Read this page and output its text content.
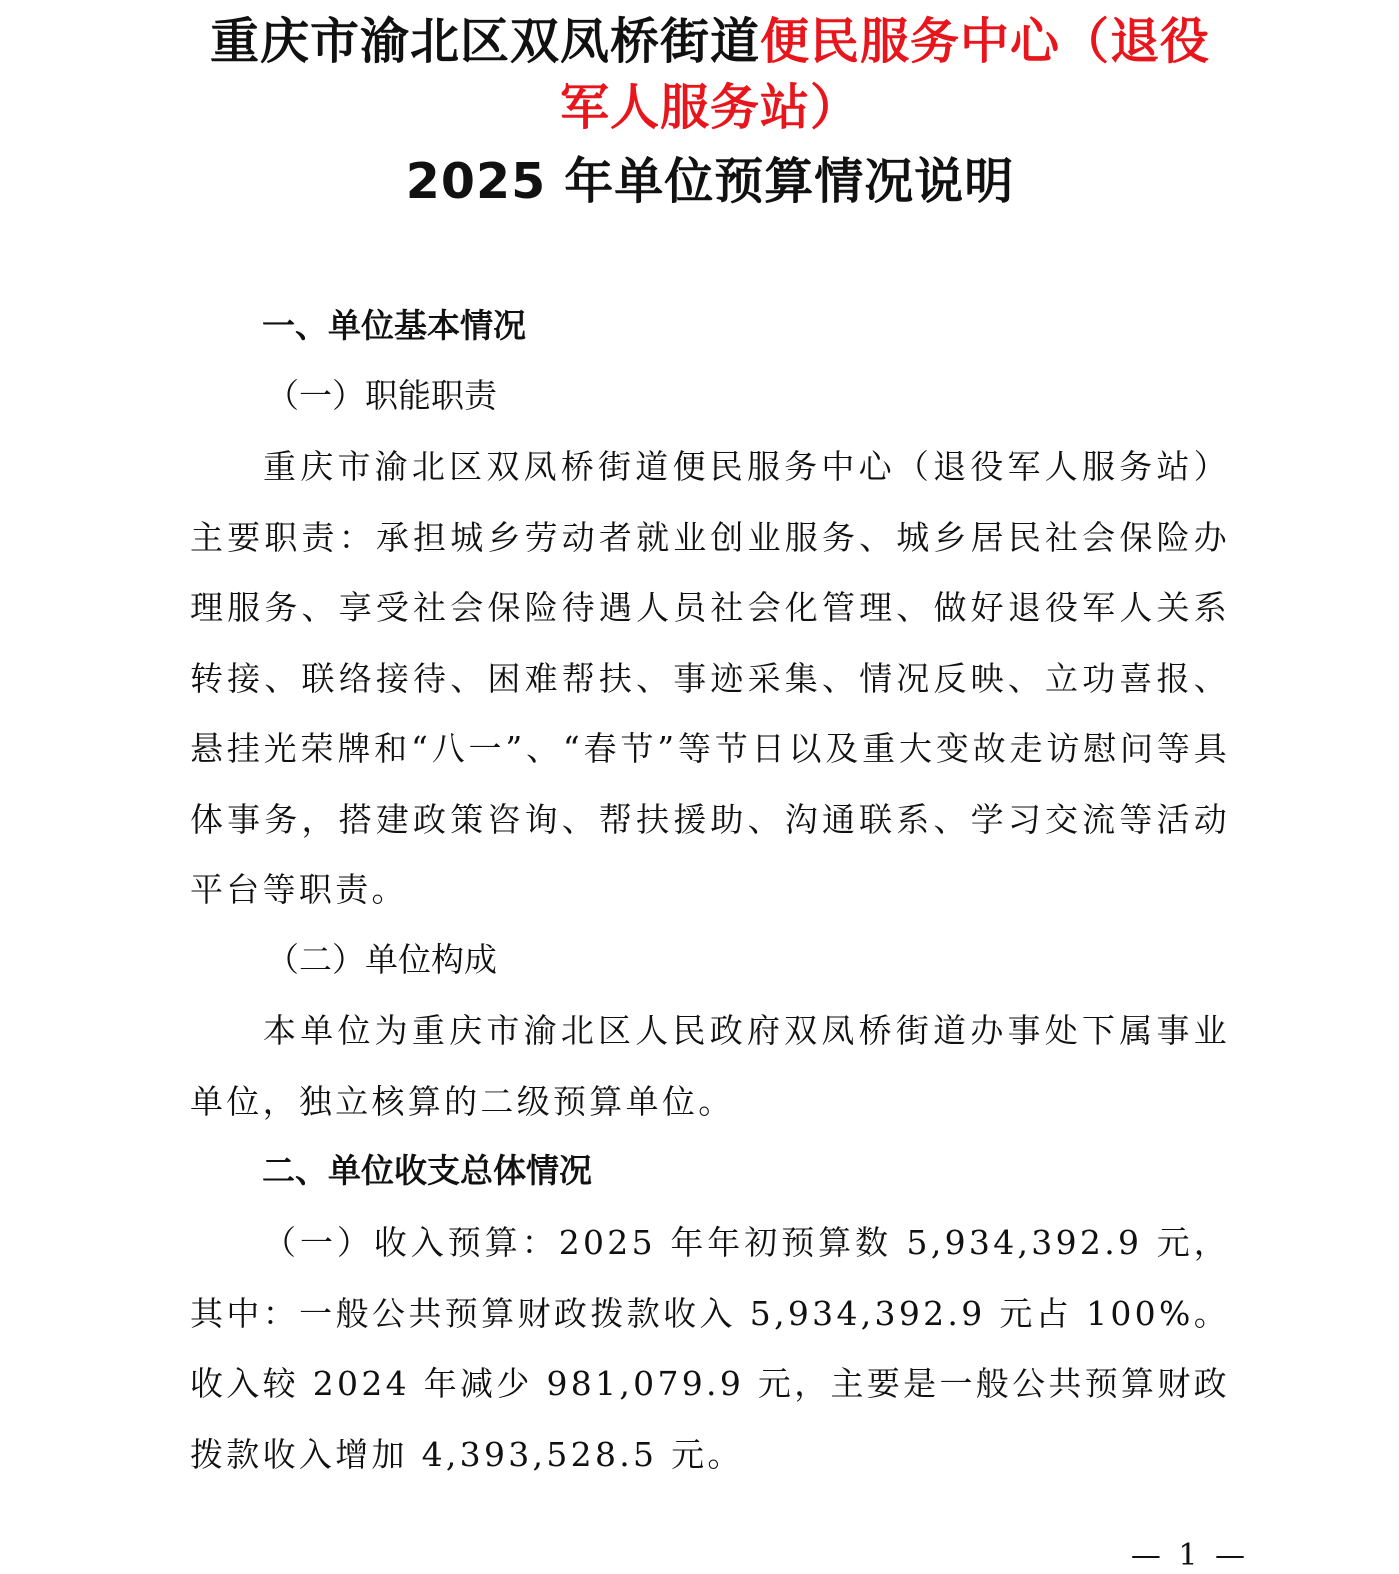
重庆市渝北区双凤桥街道便民服务中心（退役
军人服务站）
2025 年单位预算情况说明
一、单位基本情况
（一）职能职责
重庆市渝北区双凤桥街道便民服务中心（退役军人服务站）主要职责：承担城乡劳动者就业创业服务、城乡居民社会保险办理服务、享受社会保险待遇人员社会化管理、做好退役军人关系转接、联络接待、困难帮扶、事迹采集、情况反映、立功喜报、悬挂光荣牌和“八一”、“春节”等节日以及重大变故走访慰问等具体事务，搭建政策咨询、帮扶援助、沟通联系、学习交流等活动平台等职责。
（二）单位构成
本单位为重庆市渝北区人民政府双凤桥街道办事处下属事业单位，独立核算的二级预算单位。
二、单位收支总体情况
（一）收入预算：2025 年年初预算数 5,934,392.9 元，其中：一般公共预算财政拨款收入 5,934,392.9 元占 100%。收入较 2024 年减少 981,079.9 元，主要是一般公共预算财政拨款收入增加 4,393,528.5 元。
— 1 —
